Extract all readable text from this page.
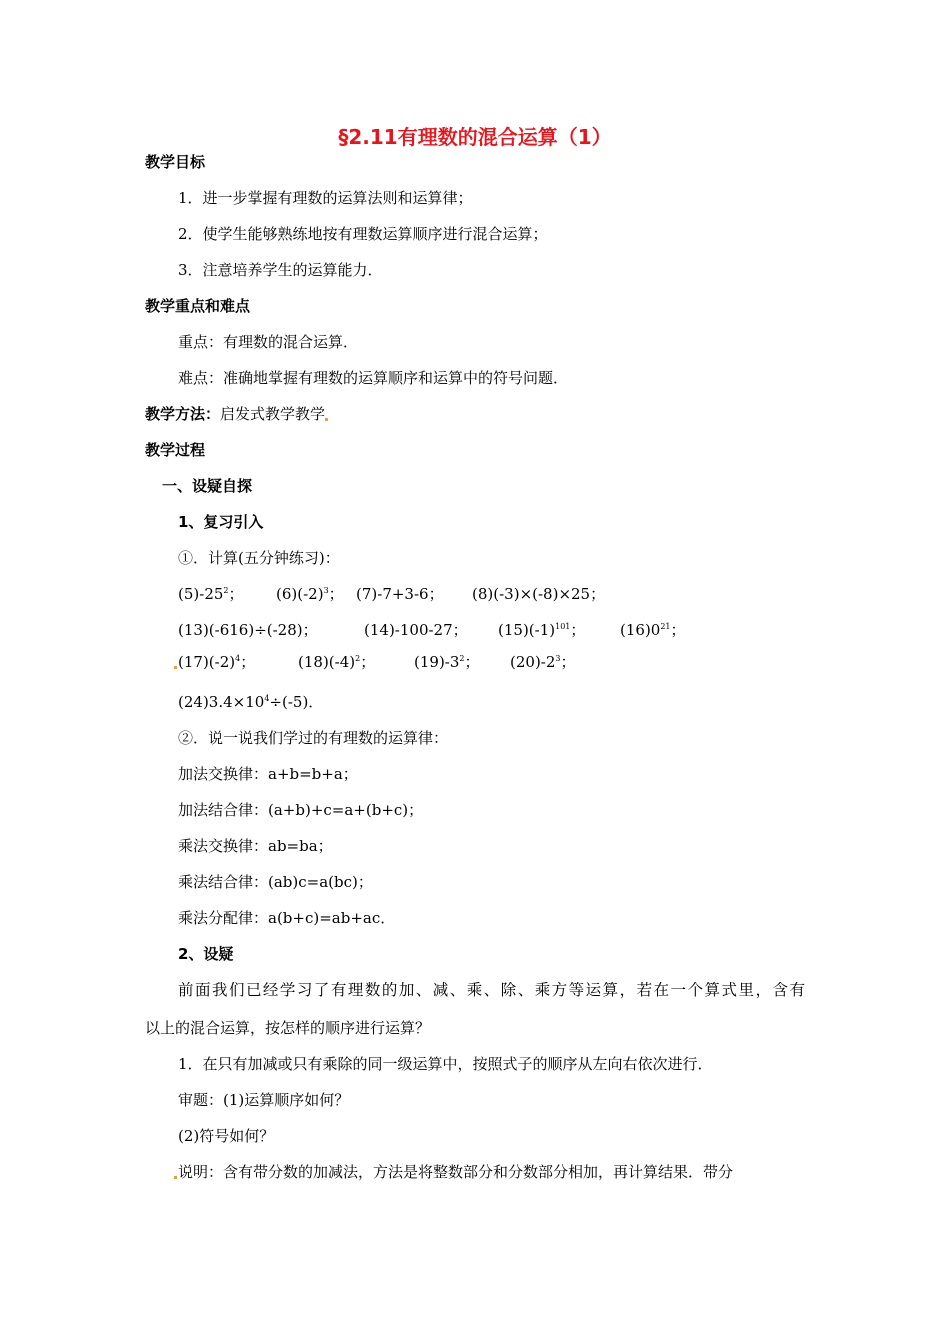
§2.11有理数的混合运算（1）
教学目标
1．进一步掌握有理数的运算法则和运算律；
2．使学生能够熟练地按有理数运算顺序进行混合运算；
3．注意培养学生的运算能力．
教学重点和难点
重点：有理数的混合运算．
难点：准确地掌握有理数的运算顺序和运算中的符号问题．
教学方法：启发式教学教学
教学过程
一、设疑自探
1、复习引入
①．计算(五分钟练习)：
$(5)-25^2$； $(6)(-2)^3$； (7)-7+3-6； (8)(-3)×(-8)×25；
(13)(-616)÷(-28)；	(14)-100-27； $(15)(-1)^{101}$； $(16)0^{21}$；
$(17)(-2)^4$；	$(18)(-4)^2$；	$(19)-3^2$； $(20)-2^3$；
$(24)3.4\times 10^4\div(-5)$．
②．说一说我们学过的有理数的运算律：
加法交换律：a+b=b+a；
加法结合律：(a+b)+c=a+(b+c)；
乘法交换律：ab=ba；
乘法结合律：(ab)c=a(bc)；
乘法分配律：a(b+c)=ab+ac．
2、设疑
前面我们已经学习了有理数的加、减、乘、除、乘方等运算，若在一个算式里，含有
以上的混合运算，按怎样的顺序进行运算？
1．在只有加减或只有乘除的同一级运算中，按照式子的顺序从左向右依次进行．
审题：(1)运算顺序如何？
(2)符号如何？
说明：含有带分数的加减法，方法是将整数部分和分数部分相加，再计算结果．带分
